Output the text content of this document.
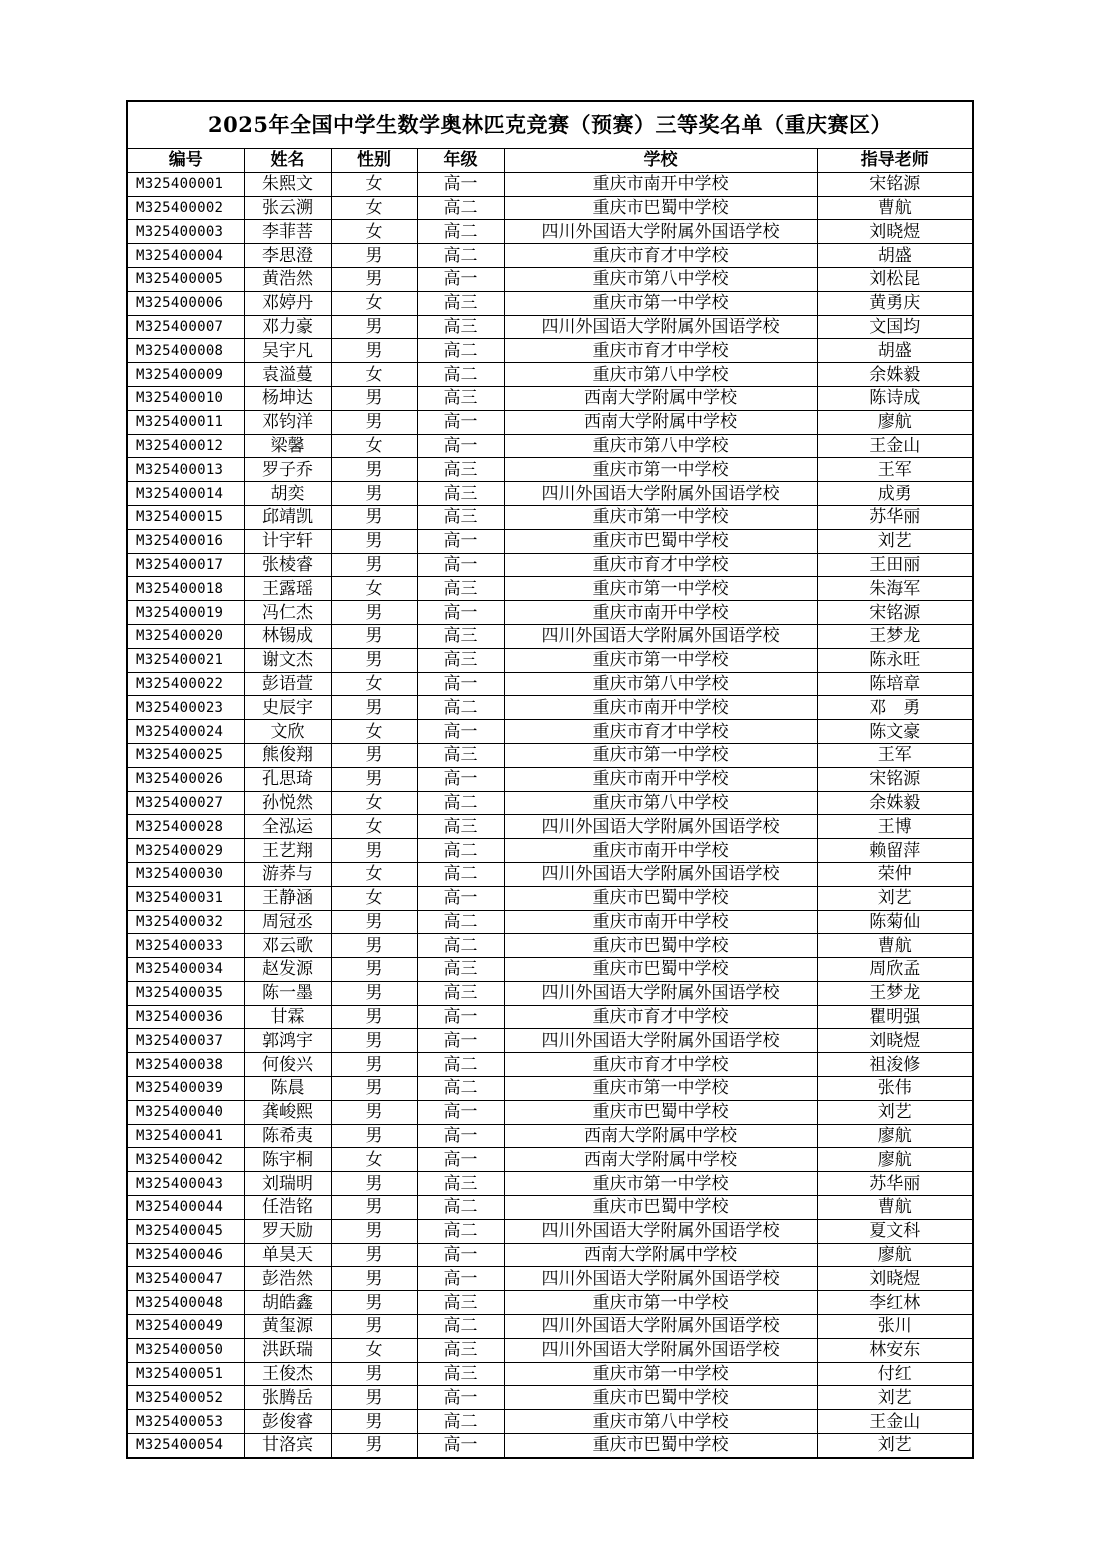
2025年全国中学生数学奥林匹克竞赛（预赛）三等奖名单（重庆赛区）
编号	姓名	性别	年级	学校	指导老师
M325400001	朱熙文	女	高一	重庆市南开中学校	宋铭源
M325400002	张云溯	女	高二	重庆市巴蜀中学校	曹航
M325400003	李菲菩	女	高二	四川外国语大学附属外国语学校	刘晓煜
M325400004	李思澄	男	高二	重庆市育才中学校	胡盛
M325400005	黄浩然	男	高一	重庆市第八中学校	刘松昆
M325400006	邓婷丹	女	高三	重庆市第一中学校	黄勇庆
M325400007	邓力豪	男	高三	四川外国语大学附属外国语学校	文国均
M325400008	吴宇凡	男	高二	重庆市育才中学校	胡盛
M325400009	袁溢蔓	女	高二	重庆市第八中学校	余姝毅
M325400010	杨坤达	男	高三	西南大学附属中学校	陈诗成
M325400011	邓钧洋	男	高一	西南大学附属中学校	廖航
M325400012	梁馨	女	高一	重庆市第八中学校	王金山
M325400013	罗子乔	男	高三	重庆市第一中学校	王军
M325400014	胡奕	男	高三	四川外国语大学附属外国语学校	成勇
M325400015	邱靖凯	男	高三	重庆市第一中学校	苏华丽
M325400016	计宇轩	男	高一	重庆市巴蜀中学校	刘艺
M325400017	张棱睿	男	高一	重庆市育才中学校	王田丽
M325400018	王露瑶	女	高三	重庆市第一中学校	朱海军
M325400019	冯仁杰	男	高一	重庆市南开中学校	宋铭源
M325400020	林锡成	男	高三	四川外国语大学附属外国语学校	王梦龙
M325400021	谢文杰	男	高三	重庆市第一中学校	陈永旺
M325400022	彭语萱	女	高一	重庆市第八中学校	陈培章
M325400023	史辰宇	男	高二	重庆市南开中学校	邓　勇
M325400024	文欣	女	高一	重庆市育才中学校	陈文豪
M325400025	熊俊翔	男	高三	重庆市第一中学校	王军
M325400026	孔思琦	男	高一	重庆市南开中学校	宋铭源
M325400027	孙悦然	女	高二	重庆市第八中学校	余姝毅
M325400028	全泓运	女	高三	四川外国语大学附属外国语学校	王博
M325400029	王艺翔	男	高二	重庆市南开中学校	赖留萍
M325400030	游荞与	女	高二	四川外国语大学附属外国语学校	荣仲
M325400031	王静涵	女	高一	重庆市巴蜀中学校	刘艺
M325400032	周冠丞	男	高二	重庆市南开中学校	陈菊仙
M325400033	邓云歌	男	高二	重庆市巴蜀中学校	曹航
M325400034	赵发源	男	高三	重庆市巴蜀中学校	周欣孟
M325400035	陈一墨	男	高三	四川外国语大学附属外国语学校	王梦龙
M325400036	甘霖	男	高一	重庆市育才中学校	瞿明强
M325400037	郭鸿宇	男	高一	四川外国语大学附属外国语学校	刘晓煜
M325400038	何俊兴	男	高二	重庆市育才中学校	祖浚修
M325400039	陈晨	男	高二	重庆市第一中学校	张伟
M325400040	龚峻熙	男	高一	重庆市巴蜀中学校	刘艺
M325400041	陈希夷	男	高一	西南大学附属中学校	廖航
M325400042	陈宇桐	女	高一	西南大学附属中学校	廖航
M325400043	刘瑞明	男	高三	重庆市第一中学校	苏华丽
M325400044	任浩铭	男	高二	重庆市巴蜀中学校	曹航
M325400045	罗天励	男	高二	四川外国语大学附属外国语学校	夏文科
M325400046	单昊天	男	高一	西南大学附属中学校	廖航
M325400047	彭浩然	男	高一	四川外国语大学附属外国语学校	刘晓煜
M325400048	胡皓鑫	男	高三	重庆市第一中学校	李红林
M325400049	黄玺源	男	高二	四川外国语大学附属外国语学校	张川
M325400050	洪跃瑞	女	高三	四川外国语大学附属外国语学校	林安东
M325400051	王俊杰	男	高三	重庆市第一中学校	付红
M325400052	张腾岳	男	高一	重庆市巴蜀中学校	刘艺
M325400053	彭俊睿	男	高二	重庆市第八中学校	王金山
M325400054	甘洛宾	男	高一	重庆市巴蜀中学校	刘艺
